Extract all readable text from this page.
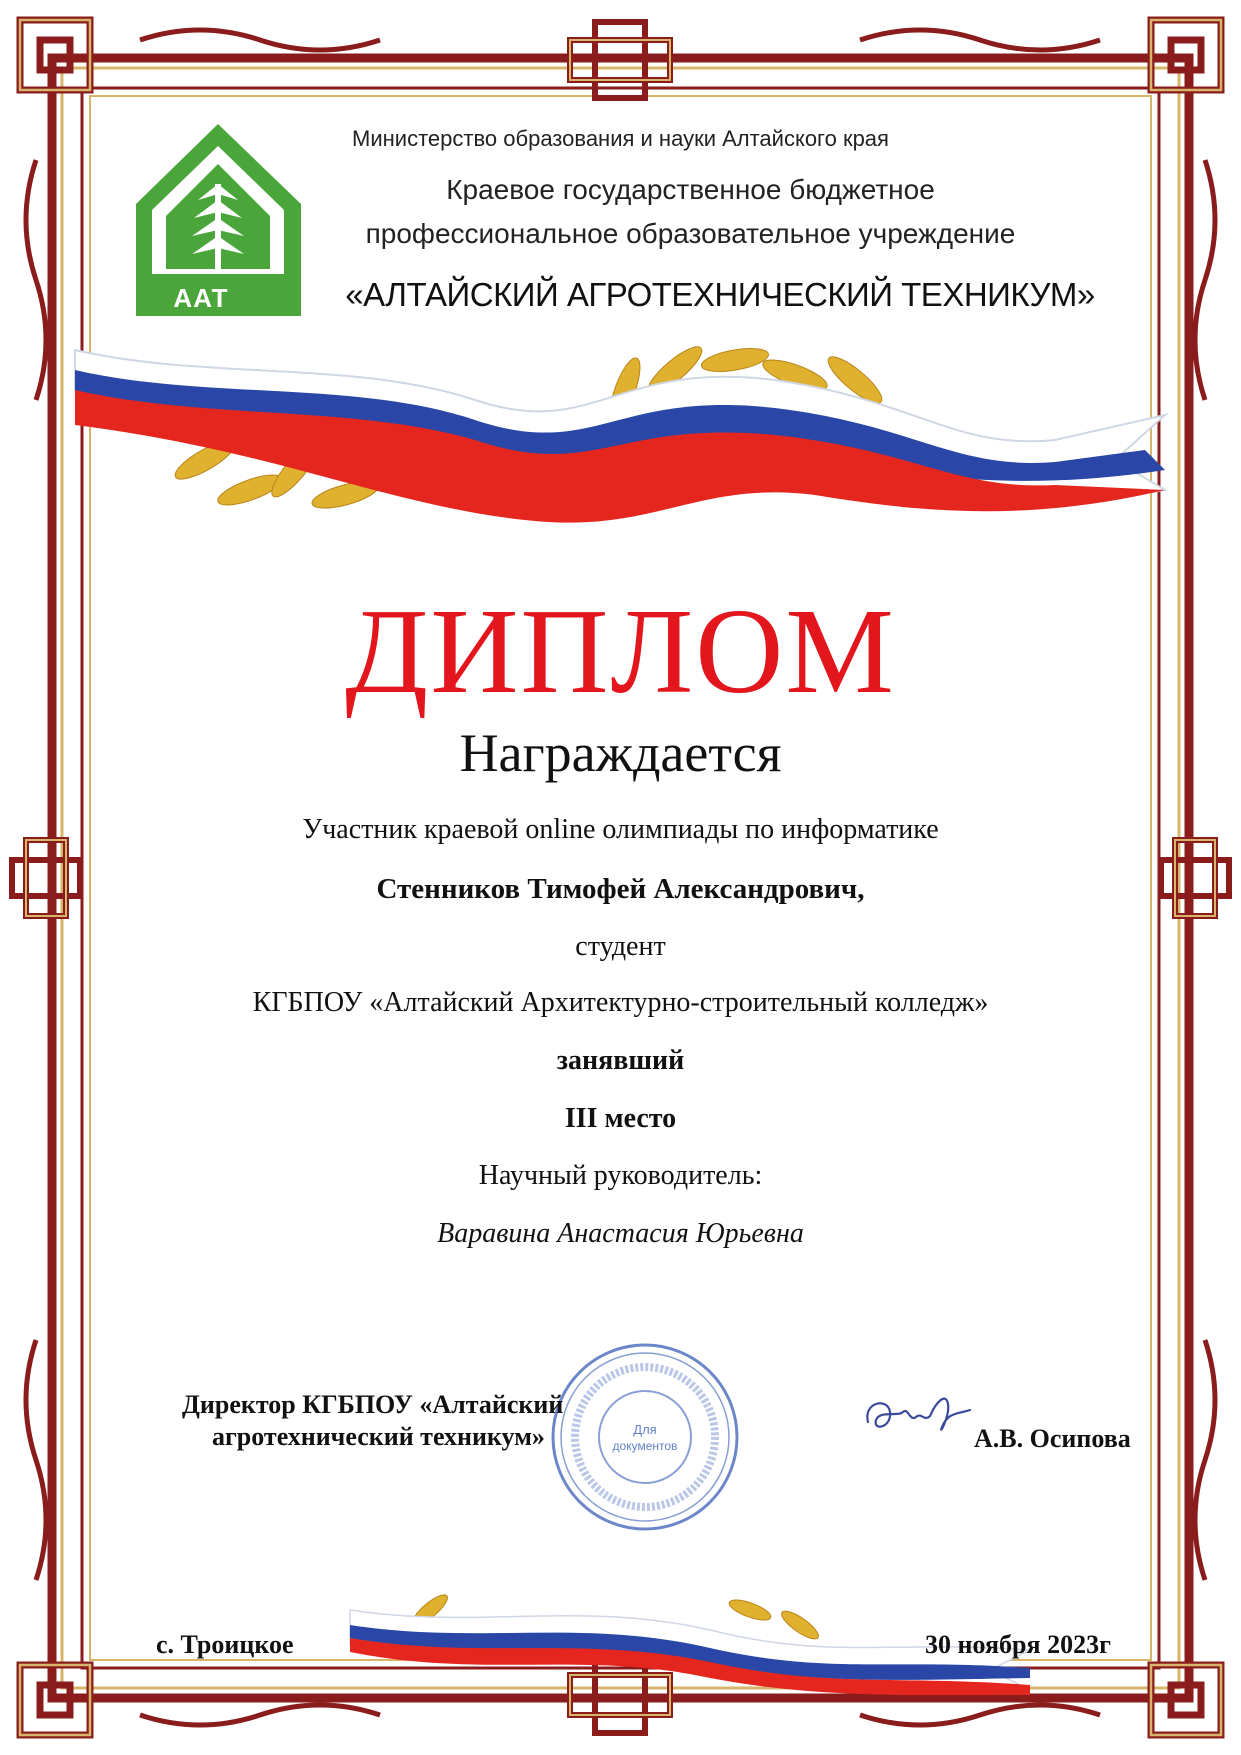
ААТ
Министерство образования и науки Алтайского края
Краевое государственное бюджетное
профессиональное образовательное учреждение
«АЛТАЙСКИЙ АГРОТЕХНИЧЕСКИЙ ТЕХНИКУМ»
ДИПЛОМ
Награждается
Участник краевой online олимпиады по информатике
Стенников Тимофей Александрович,
студент
КГБПОУ «Алтайский Архитектурно-строительный колледж»
занявший
III место
Научный руководитель:
Варавина Анастасия Юрьевна
Для
документов
Директор КГБПОУ «Алтайский
агротехнический техникум»	А.В. Осипова
с. Троицкое	30 ноября 2023г
